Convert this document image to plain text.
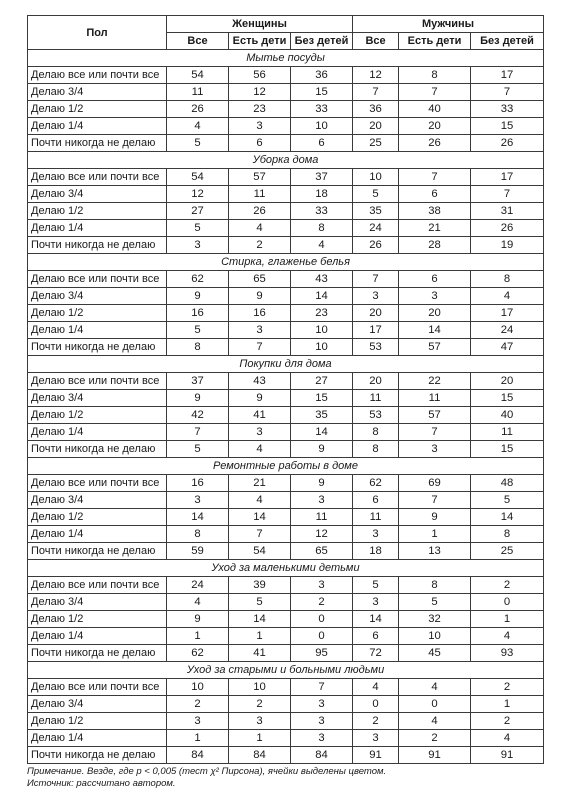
Пол	Женщины			Мужчины		
	Все	Есть дети	Без детей	Все	Есть дети	Без детей
Мытье посуды						
Делаю все или почти все	54	56	36	12	8	17
Делаю 3/4	11	12	15	7	7	7
Делаю 1/2	26	23	33	36	40	33
Делаю 1/4	4	3	10	20	20	15
Почти никогда не делаю	5	6	6	25	26	26
Уборка дома						
Делаю все или почти все	54	57	37	10	7	17
Делаю 3/4	12	11	18	5	6	7
Делаю 1/2	27	26	33	35	38	31
Делаю 1/4	5	4	8	24	21	26
Почти никогда не делаю	3	2	4	26	28	19
Стирка, глаженье белья						
Делаю все или почти все	62	65	43	7	6	8
Делаю 3/4	9	9	14	3	3	4
Делаю 1/2	16	16	23	20	20	17
Делаю 1/4	5	3	10	17	14	24
Почти никогда не делаю	8	7	10	53	57	47
Покупки для дома						
Делаю все или почти все	37	43	27	20	22	20
Делаю 3/4	9	9	15	11	11	15
Делаю 1/2	42	41	35	53	57	40
Делаю 1/4	7	3	14	8	7	11
Почти никогда не делаю	5	4	9	8	3	15
Ремонтные работы в доме						
Делаю все или почти все	16	21	9	62	69	48
Делаю 3/4	3	4	3	6	7	5
Делаю 1/2	14	14	11	11	9	14
Делаю 1/4	8	7	12	3	1	8
Почти никогда не делаю	59	54	65	18	13	25
Уход за маленькими детьми						
Делаю все или почти все	24	39	3	5	8	2
Делаю 3/4	4	5	2	3	5	0
Делаю 1/2	9	14	0	14	32	1
Делаю 1/4	1	1	0	6	10	4
Почти никогда не делаю	62	41	95	72	45	93
Уход за старыми и больными людьми						
Делаю все или почти все	10	10	7	4	4	2
Делаю 3/4	2	2	3	0	0	1
Делаю 1/2	3	3	3	2	4	2
Делаю 1/4	1	1	3	3	2	4
Почти никогда не делаю	84	84	84	91	91	91
Примечание. Везде, где p < 0,005 (тест χ² Пирсона), ячейки выделены цветом.
Источник: рассчитано автором.
